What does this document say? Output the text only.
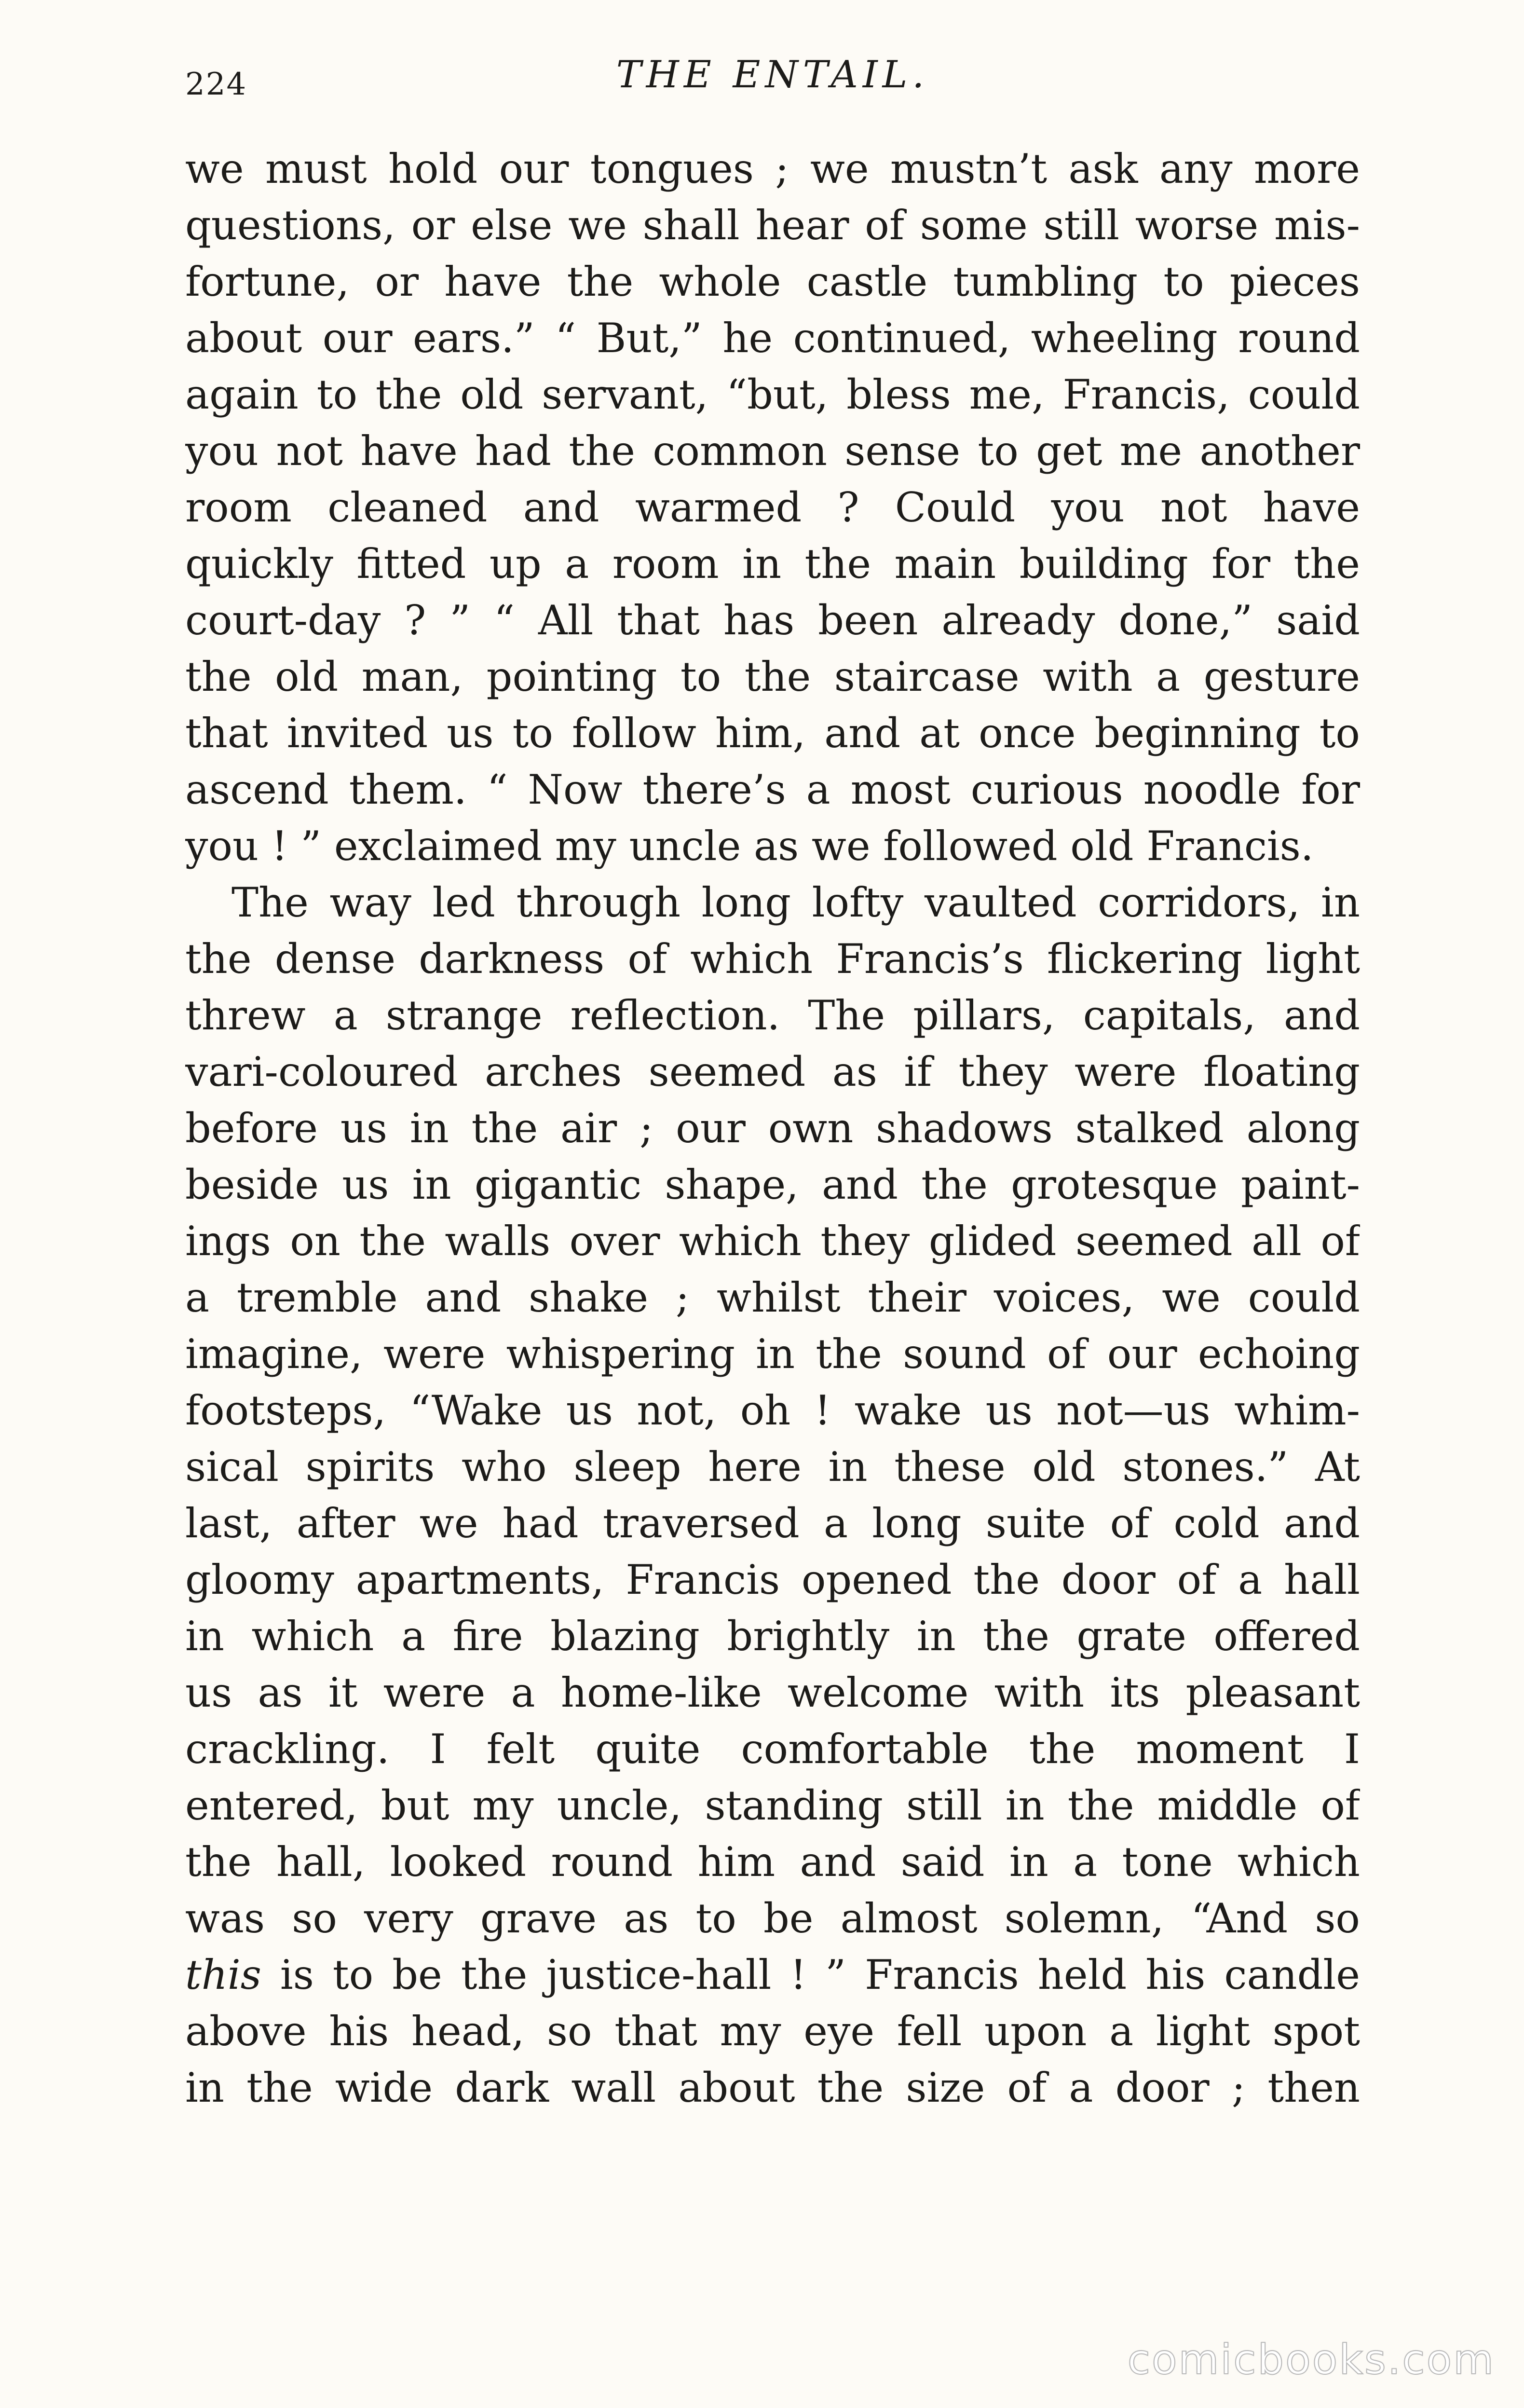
224	THE ENTAIL.
we must hold our tongues ; we mustn’t ask any more
questions, or else we shall hear of some still worse mis-
fortune, or have the whole castle tumbling to pieces
about our ears.” “ But,” he continued, wheeling round
again to the old servant, “but, bless me, Francis, could
you not have had the common sense to get me another
room cleaned and warmed ? Could you not have
quickly fitted up a room in the main building for the
court-day ? ” “ All that has been already done,” said
the old man, pointing to the staircase with a gesture
that invited us to follow him, and at once beginning to
ascend them. “ Now there’s a most curious noodle for
you ! ” exclaimed my uncle as we followed old Francis.
The way led through long lofty vaulted corridors, in
the dense darkness of which Francis’s flickering light
threw a strange reflection. The pillars, capitals, and
vari-coloured arches seemed as if they were floating
before us in the air ; our own shadows stalked along
beside us in gigantic shape, and the grotesque paint-
ings on the walls over which they glided seemed all of
a tremble and shake ; whilst their voices, we could
imagine, were whispering in the sound of our echoing
footsteps, “Wake us not, oh ! wake us not—us whim-
sical spirits who sleep here in these old stones.” At
last, after we had traversed a long suite of cold and
gloomy apartments, Francis opened the door of a hall
in which a fire blazing brightly in the grate offered
us as it were a home-like welcome with its pleasant
crackling. I felt quite comfortable the moment I
entered, but my uncle, standing still in the middle of
the hall, looked round him and said in a tone which
was so very grave as to be almost solemn, “And so
this is to be the justice-hall ! ” Francis held his candle
above his head, so that my eye fell upon a light spot
in the wide dark wall about the size of a door ; then
comicbooks.com
